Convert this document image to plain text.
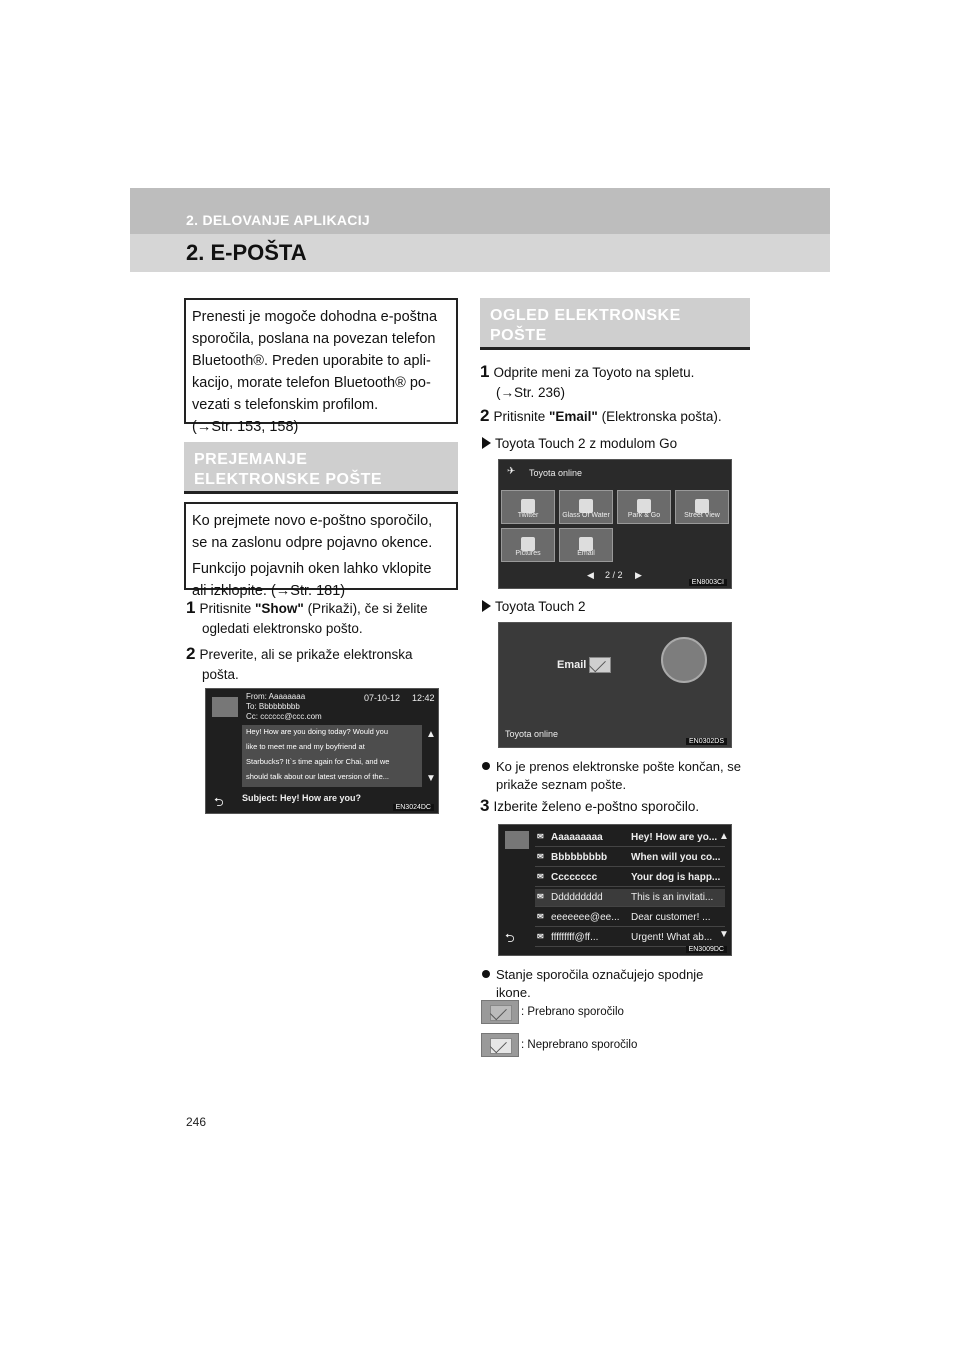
2. DELOVANJE APLIKACIJ
2. E-POŠTA
Prenesti je mogoče dohodna e-poštna
sporočila, poslana na povezan telefon
Bluetooth®. Preden uporabite to apli-
kacijo, morate telefon Bluetooth® po-
vezati s telefonskim profilom.
(→Str. 153, 158)
PREJEMANJE
ELEKTRONSKE POŠTE
Ko prejmete novo e-poštno sporočilo,
se na zaslonu odpre pojavno okence.
Funkcijo pojavnih oken lahko vklopite
ali izklopite. (→Str. 181)
1 Pritisnite "Show" (Prikaži), če si želite
ogledati elektronsko pošto.
2 Preverite, ali se prikaže elektronska
pošta.
From: Aaaaaaaa
To: Bbbbbbbbb
Cc: cccccc@ccc.com
07-10-12 12:42
Hey! How are you doing today? Would you
like to meet me and my boyfriend at
Starbucks? It`s time again for Chai, and we
should talk about our latest version of the...
▲
▼
⮌ Subject: Hey! How are you?
EN3024DC
OGLED ELEKTRONSKE
POŠTE
1 Odprite meni za Toyoto na spletu.
(→Str. 236)
2 Pritisnite "Email" (Elektronska pošta).
Toyota Touch 2 z modulom Go
✈ Toyota online
Twitter	Glass Of Water	Park & Go	Street View
Pictures	Email
◀ 2 / 2 ▶
EN8003CI
Toyota Touch 2
Email
Toyota online
EN0302DS
Ko je prenos elektronske pošte končan, se
prikaže seznam pošte.
3 Izberite želeno e-poštno sporočilo.
✉ Aaaaaaaaa	Hey! How are yo...
✉ Bbbbbbbbb When will you co...
✉ Cccccccc	Your dog is happ...
✉ Ddddddddd	This is an invitati...
✉ eeeeeee@ee... Dear customer! ...
✉ fffffffff@ff...	Urgent! What ab...
▲
▼
⮌
EN3009DC
Stanje sporočila označujejo spodnje
ikone.
: Prebrano sporočilo
: Neprebrano sporočilo
246
